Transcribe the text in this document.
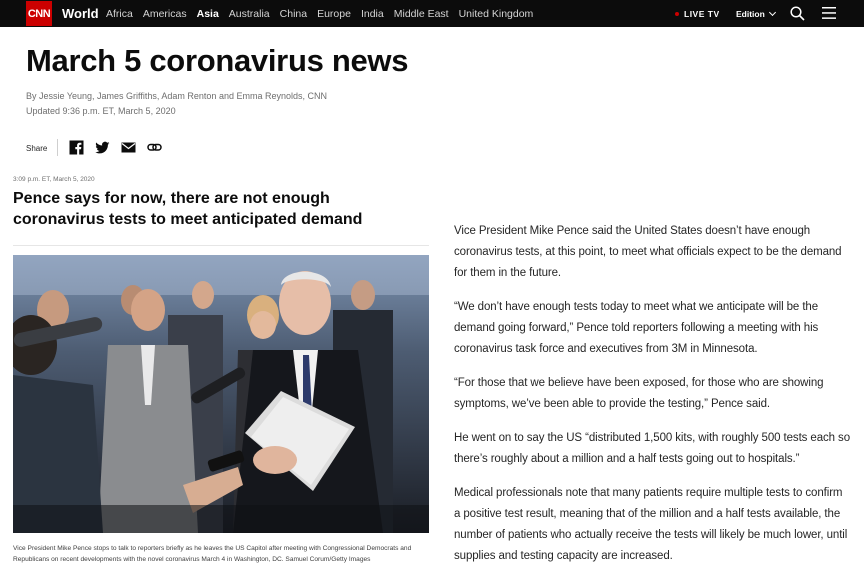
CNN World Africa Americas Asia Australia China Europe India Middle East United Kingdom	LIVE TV Edition
March 5 coronavirus news
By Jessie Yeung, James Griffiths, Adam Renton and Emma Reynolds, CNN
Updated 9:36 p.m. ET, March 5, 2020
Share
3:09 p.m. ET, March 5, 2020
Pence says for now, there are not enough coronavirus tests to meet anticipated demand
Vice President Mike Pence stops to talk to reporters briefly as he leaves the US Capitol after meeting with Congressional Democrats and Republicans on recent developments with the novel coronavirus March 4 in Washington, DC. Samuel Corum/Getty Images

Vice President Mike Pence said the United States doesn’t have enough coronavirus tests, at this point, to meet what officials expect to be the demand for them in the future.

“We don’t have enough tests today to meet what we anticipate will be the demand going forward,” Pence told reporters following a meeting with his coronavirus task force and executives from 3M in Minnesota.

“For those that we believe have been exposed, for those who are showing symptoms, we’ve been able to provide the testing,” Pence said.

He went on to say the US “distributed 1,500 kits, with roughly 500 tests each so there’s roughly about a million and a half tests going out to hospitals.”

Medical professionals note that many patients require multiple tests to confirm a positive test result, meaning that of the million and a half tests available, the number of patients who actually receive the tests will likely be much lower, until supplies and testing capacity are increased.
